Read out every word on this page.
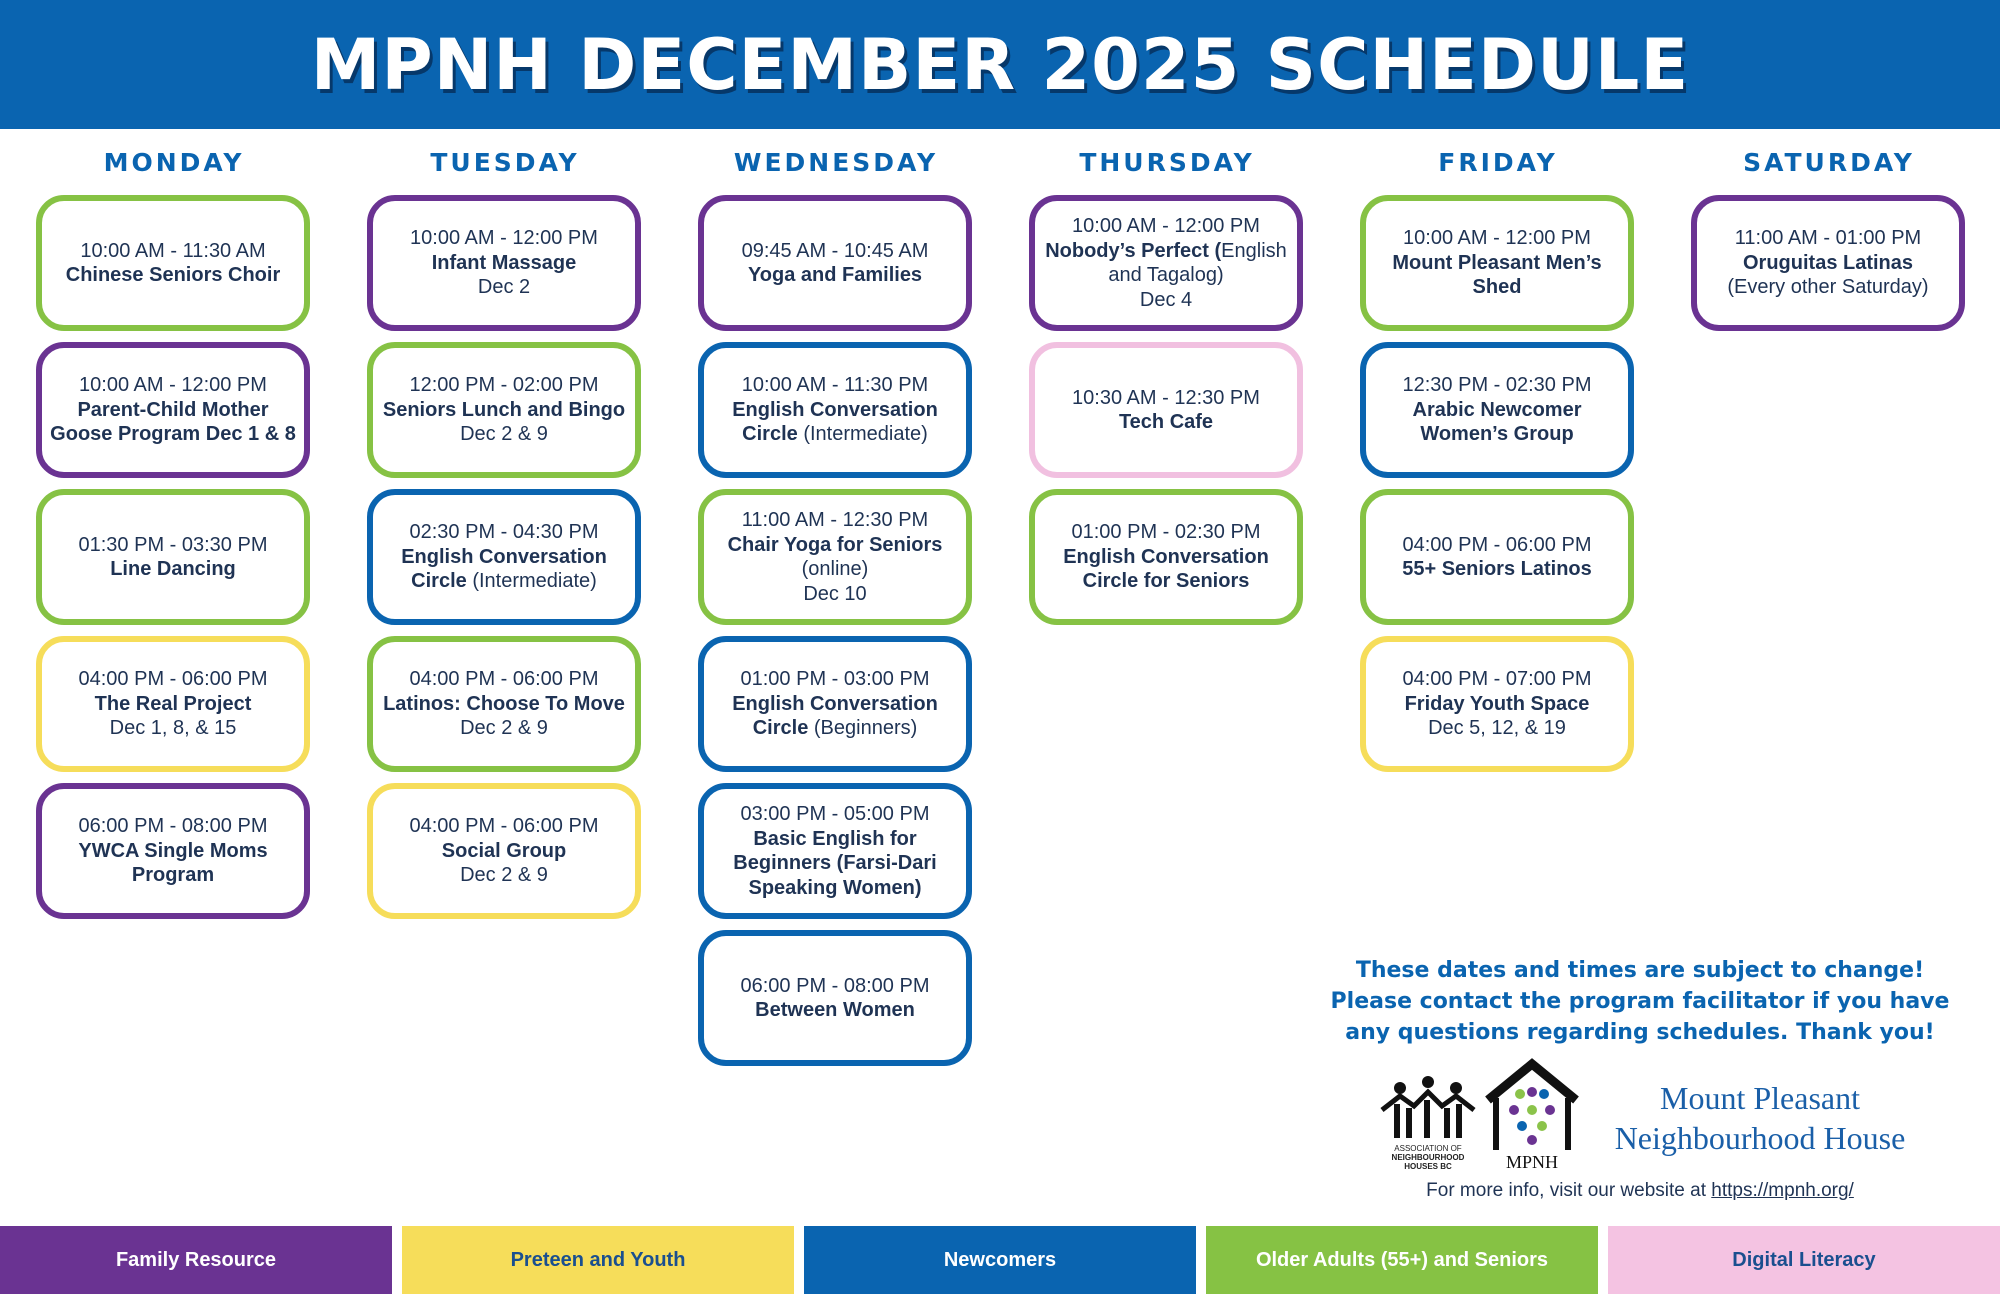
MPNH DECEMBER 2025 SCHEDULE
MONDAY
10:00 AM - 11:30 AM
Chinese Seniors Choir
10:00 AM - 12:00 PM
Parent-Child Mother Goose Program Dec 1 & 8
01:30 PM - 03:30 PM
Line Dancing
04:00 PM - 06:00 PM
The Real Project
Dec 1, 8, & 15
06:00 PM - 08:00 PM
YWCA Single Moms Program
TUESDAY
10:00 AM - 12:00 PM
Infant Massage
Dec 2
12:00 PM - 02:00 PM
Seniors Lunch and Bingo
Dec 2 & 9
02:30 PM - 04:30 PM
English Conversation Circle (Intermediate)
04:00 PM - 06:00 PM
Latinos: Choose To Move
Dec 2 & 9
04:00 PM - 06:00 PM
Social Group
Dec 2 & 9
WEDNESDAY
09:45 AM - 10:45 AM
Yoga and Families
10:00 AM - 11:30 PM
English Conversation Circle (Intermediate)
11:00 AM - 12:30 PM
Chair Yoga for Seniors
(online)
Dec 10
01:00 PM - 03:00 PM
English Conversation Circle (Beginners)
03:00 PM - 05:00 PM
Basic English for Beginners (Farsi-Dari Speaking Women)
06:00 PM - 08:00 PM
Between Women
THURSDAY
10:00 AM - 12:00 PM
Nobody’s Perfect (English and Tagalog)
Dec 4
10:30 AM - 12:30 PM
Tech Cafe
01:00 PM - 02:30 PM
English Conversation Circle for Seniors
FRIDAY
10:00 AM - 12:00 PM
Mount Pleasant Men’s Shed
12:30 PM - 02:30 PM
Arabic Newcomer Women’s Group
04:00 PM - 06:00 PM
55+ Seniors Latinos
04:00 PM - 07:00 PM
Friday Youth Space
Dec 5, 12, & 19
SATURDAY
11:00 AM - 01:00 PM
Oruguitas Latinas
(Every other Saturday)
These dates and times are subject to change!
Please contact the program facilitator if you have
any questions regarding schedules. Thank you!
ASSOCIATION OF
NEIGHBOURHOOD
HOUSES BC	MPNH
Mount Pleasant
Neighbourhood House
For more info, visit our website at https://mpnh.org/
Family Resource	Preteen and Youth	Newcomers	Older Adults (55+) and Seniors	Digital Literacy
